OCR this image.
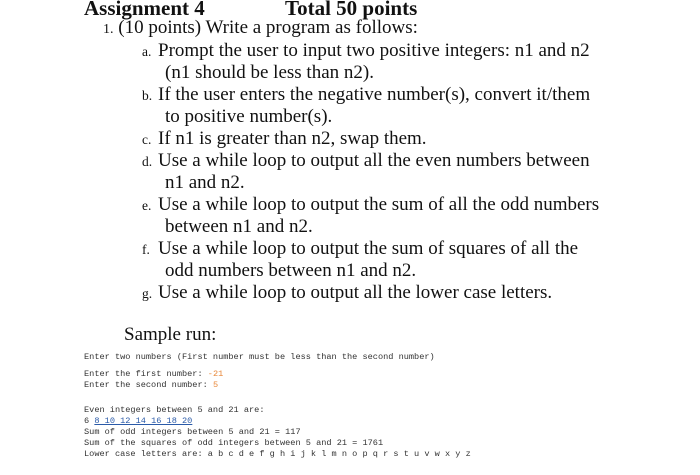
Assignment 4	Total 50 points
1. (10 points) Write a program as follows:
a. Prompt the user to input two positive integers: n1 and n2
(n1 should be less than n2).
b. If the user enters the negative number(s), convert it/them
to positive number(s).
c. If n1 is greater than n2, swap them.
d. Use a while loop to output all the even numbers between
n1 and n2.
e. Use a while loop to output the sum of all the odd numbers
between n1 and n2.
f. Use a while loop to output the sum of squares of all the
odd numbers between n1 and n2.
g. Use a while loop to output all the lower case letters.
Sample run:
Enter two numbers (First number must be less than the second number)
Enter the first number: -21
Enter the second number: 5
Even integers between 5 and 21 are:
6 8 10 12 14 16 18 20
Sum of odd integers between 5 and 21 = 117
Sum of the squares of odd integers between 5 and 21 = 1761
Lower case letters are: a b c d e f g h i j k l m n o p q r s t u v w x y z
